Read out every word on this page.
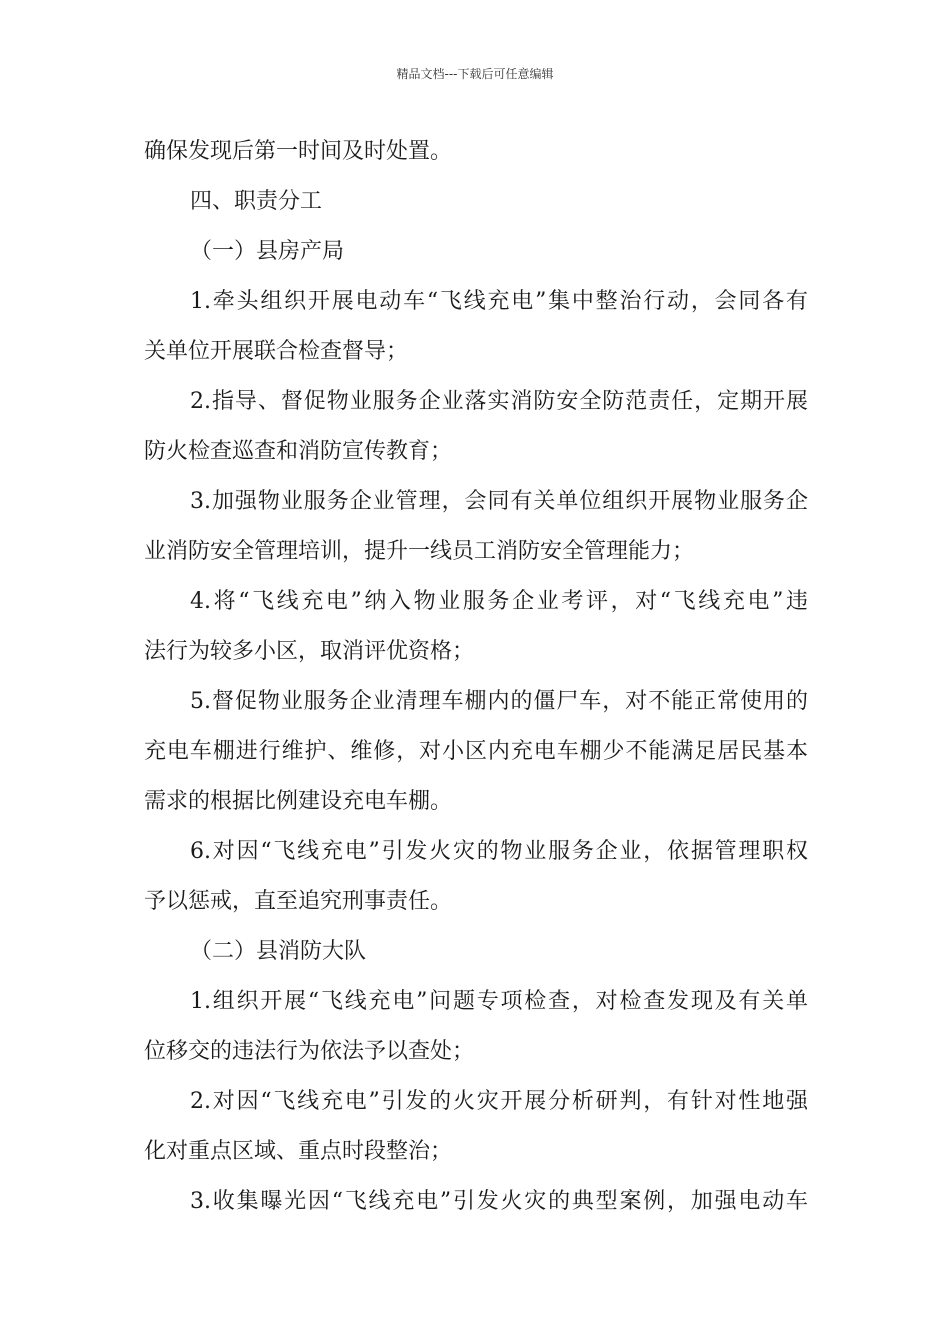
精品文档---下载后可任意编辑
确保发现后第一时间及时处置。
四、职责分工
（一）县房产局
1.牵头组织开展电动车“飞线充电”集中整治行动，会同各有
关单位开展联合检查督导；
2.指导、督促物业服务企业落实消防安全防范责任，定期开展
防火检查巡查和消防宣传教育；
3.加强物业服务企业管理，会同有关单位组织开展物业服务企
业消防安全管理培训，提升一线员工消防安全管理能力；
4.将“飞线充电”纳入物业服务企业考评，对“飞线充电”违
法行为较多小区，取消评优资格；
5.督促物业服务企业清理车棚内的僵尸车，对不能正常使用的
充电车棚进行维护、维修，对小区内充电车棚少不能满足居民基本
需求的根据比例建设充电车棚。
6.对因“飞线充电”引发火灾的物业服务企业，依据管理职权
予以惩戒，直至追究刑事责任。
（二）县消防大队
1.组织开展“飞线充电”问题专项检查，对检查发现及有关单
位移交的违法行为依法予以查处；
2.对因“飞线充电”引发的火灾开展分析研判，有针对性地强
化对重点区域、重点时段整治；
3.收集曝光因“飞线充电”引发火灾的典型案例，加强电动车
